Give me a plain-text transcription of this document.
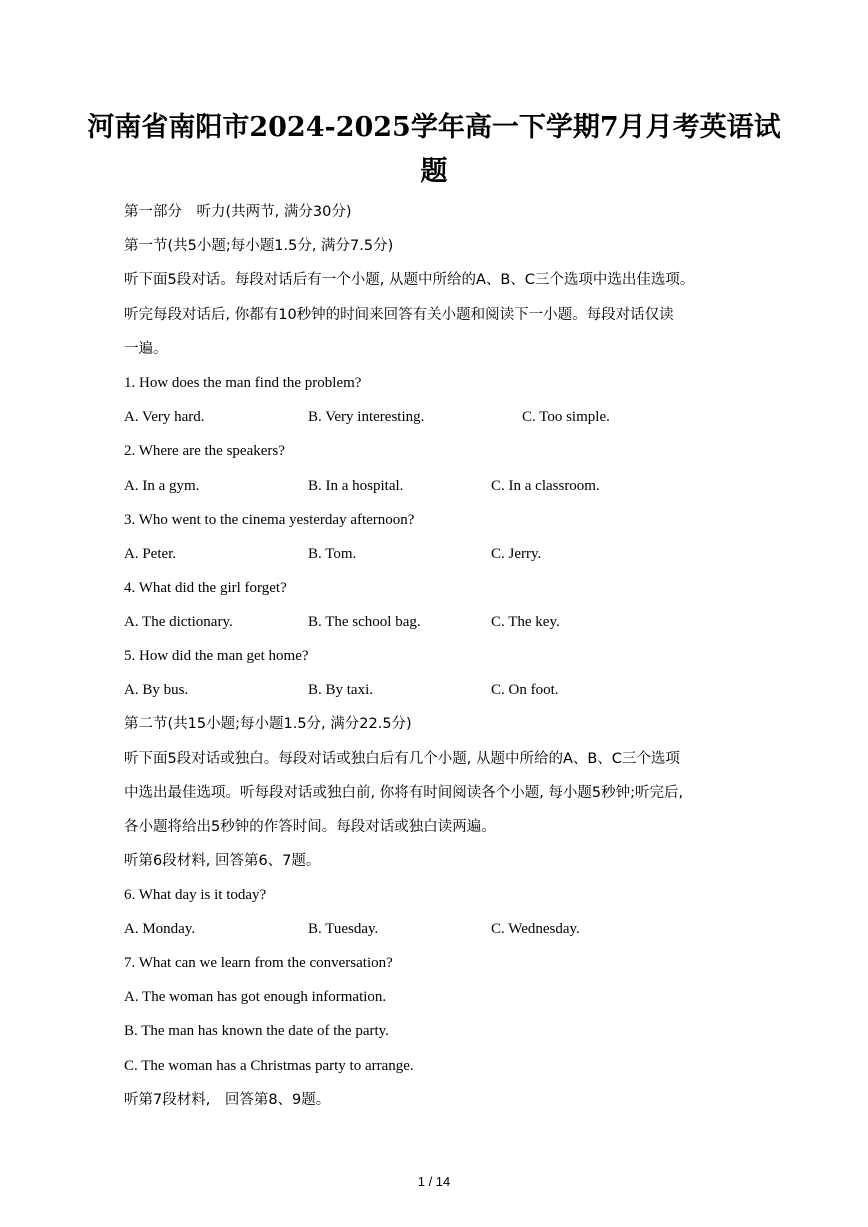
河南省南阳市2024-2025学年高一下学期7月月考英语试
题
第一部分　听力(共两节, 满分30分)
第一节(共5小题;每小题1.5分, 满分7.5分)
听下面5段对话。每段对话后有一个小题, 从题中所给的A、B、C三个选项中选出佳选项。
听完每段对话后, 你都有10秒钟的时间来回答有关小题和阅读下一小题。每段对话仅读
一遍。
1. How does the man find the problem?
A. Very hard.	B. Very interesting.	C. Too simple.
2. Where are the speakers?
A. In a gym.	B. In a hospital.	C. In a classroom.
3. Who went to the cinema yesterday afternoon?
A. Peter.	B. Tom.	C. Jerry.
4. What did the girl forget?
A. The dictionary.	B. The school bag.	C. The key.
5. How did the man get home?
A. By bus.	B. By taxi.	C. On foot.
第二节(共15小题;每小题1.5分, 满分22.5分)
听下面5段对话或独白。每段对话或独白后有几个小题, 从题中所给的A、B、C三个选项
中选出最佳选项。听每段对话或独白前, 你将有时间阅读各个小题, 每小题5秒钟;听完后,
各小题将给出5秒钟的作答时间。每段对话或独白读两遍。
听第6段材料, 回答第6、7题。
6. What day is it today?
A. Monday.	B. Tuesday.	C. Wednesday.
7. What can we learn from the conversation?
A. The woman has got enough information.
B. The man has known the date of the party.
C. The woman has a Christmas party to arrange.
听第7段材料,　回答第8、9题。
1 / 14
